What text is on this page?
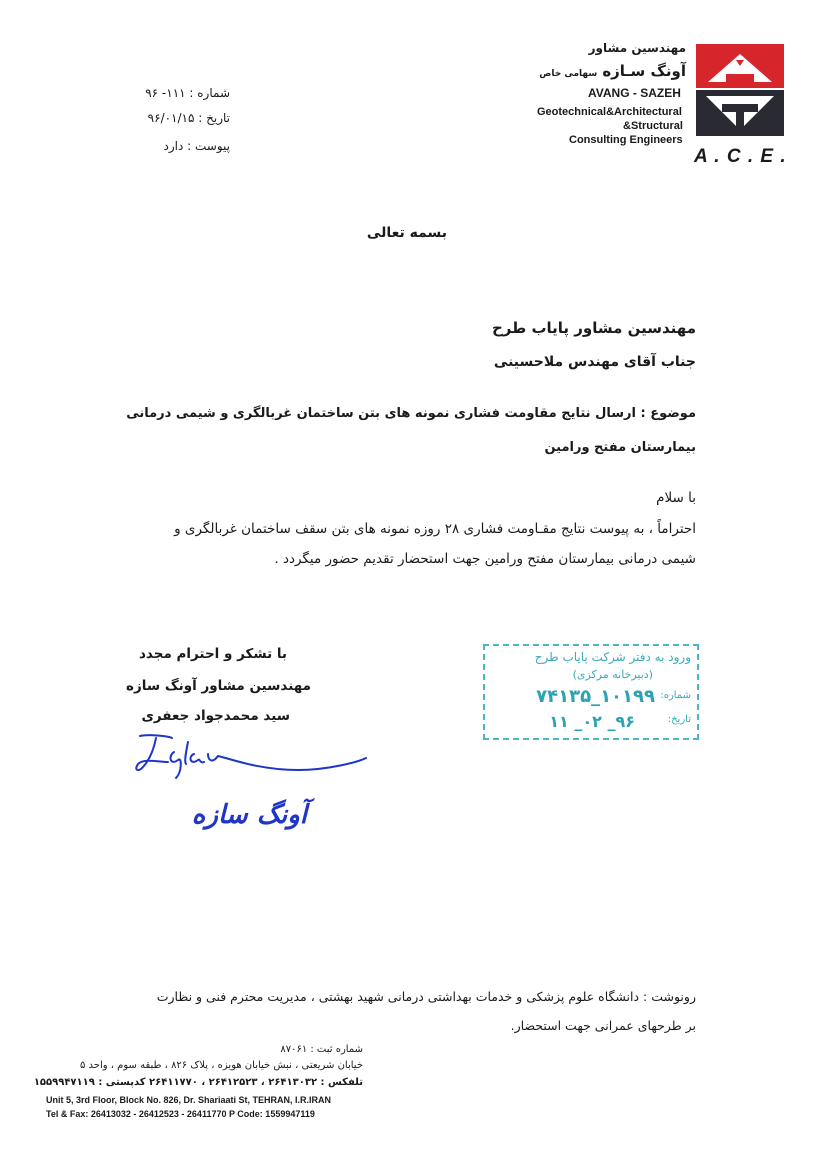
A . C . E .
مهندسین مشاور
آونگ سـازه سهامی خاص
AVANG - SAZEH
Geotechnical&Architectural
&Structural
Consulting Engineers
شماره : ۱۱۱- ۹۶
تاریخ : ۹۶/۰۱/۱۵
پیوست : دارد
بسمه تعالی
مهندسین مشاور پایاب طرح
جناب آقای مهندس ملاحسینی
موضوع : ارسال نتایج مقاومت فشاری نمونه های بتن ساختمان غربالگری و شیمی درمانی
بیمارستان مفتح ورامین
با سلام
احتراماً ، به پیوست نتایج مقـاومت فشاری ۲۸ روزه نمونه های بتن سقف ساختمان غربالگری و
شیمی درمانی بیمارستان مفتح ورامین جهت استحضار تقدیم حضور میگردد .
با تشکر و احترام مجدد
مهندسین مشاور آونگ سازه
سید محمدجواد جعفری
آونگ سازه
ورود به دفتر شرکت پایاب طرح
(دبیرخانه مرکزی)
شماره:
۱۰۱۹۹_۷۴۱۳۵
تاریخ:
۹۶_ ۰۲_ ۱۱
رونوشت : دانشگاه علوم پزشکی و خدمات بهداشتی درمانی شهید بهشتی ، مدیریت محترم فنی و نظارت
بر طرحهای عمرانی جهت استحضار.
شماره ثبت : ۸۷۰۶۱
خیابان شریعتی ، نبش خیابان هویزه ، پلاک ۸۲۶ ، طبقه سوم ، واحد ۵
تلفکس : ۲۶۴۱۳۰۳۲ ، ۲۶۴۱۲۵۲۳ ، ۲۶۴۱۱۷۷۰ کدپستی : ۱۵۵۹۹۴۷۱۱۹
Unit 5, 3rd Floor, Block No. 826, Dr. Shariaati St, TEHRAN, I.R.IRAN
Tel & Fax: 26413032 - 26412523 - 26411770 P Code: 1559947119
